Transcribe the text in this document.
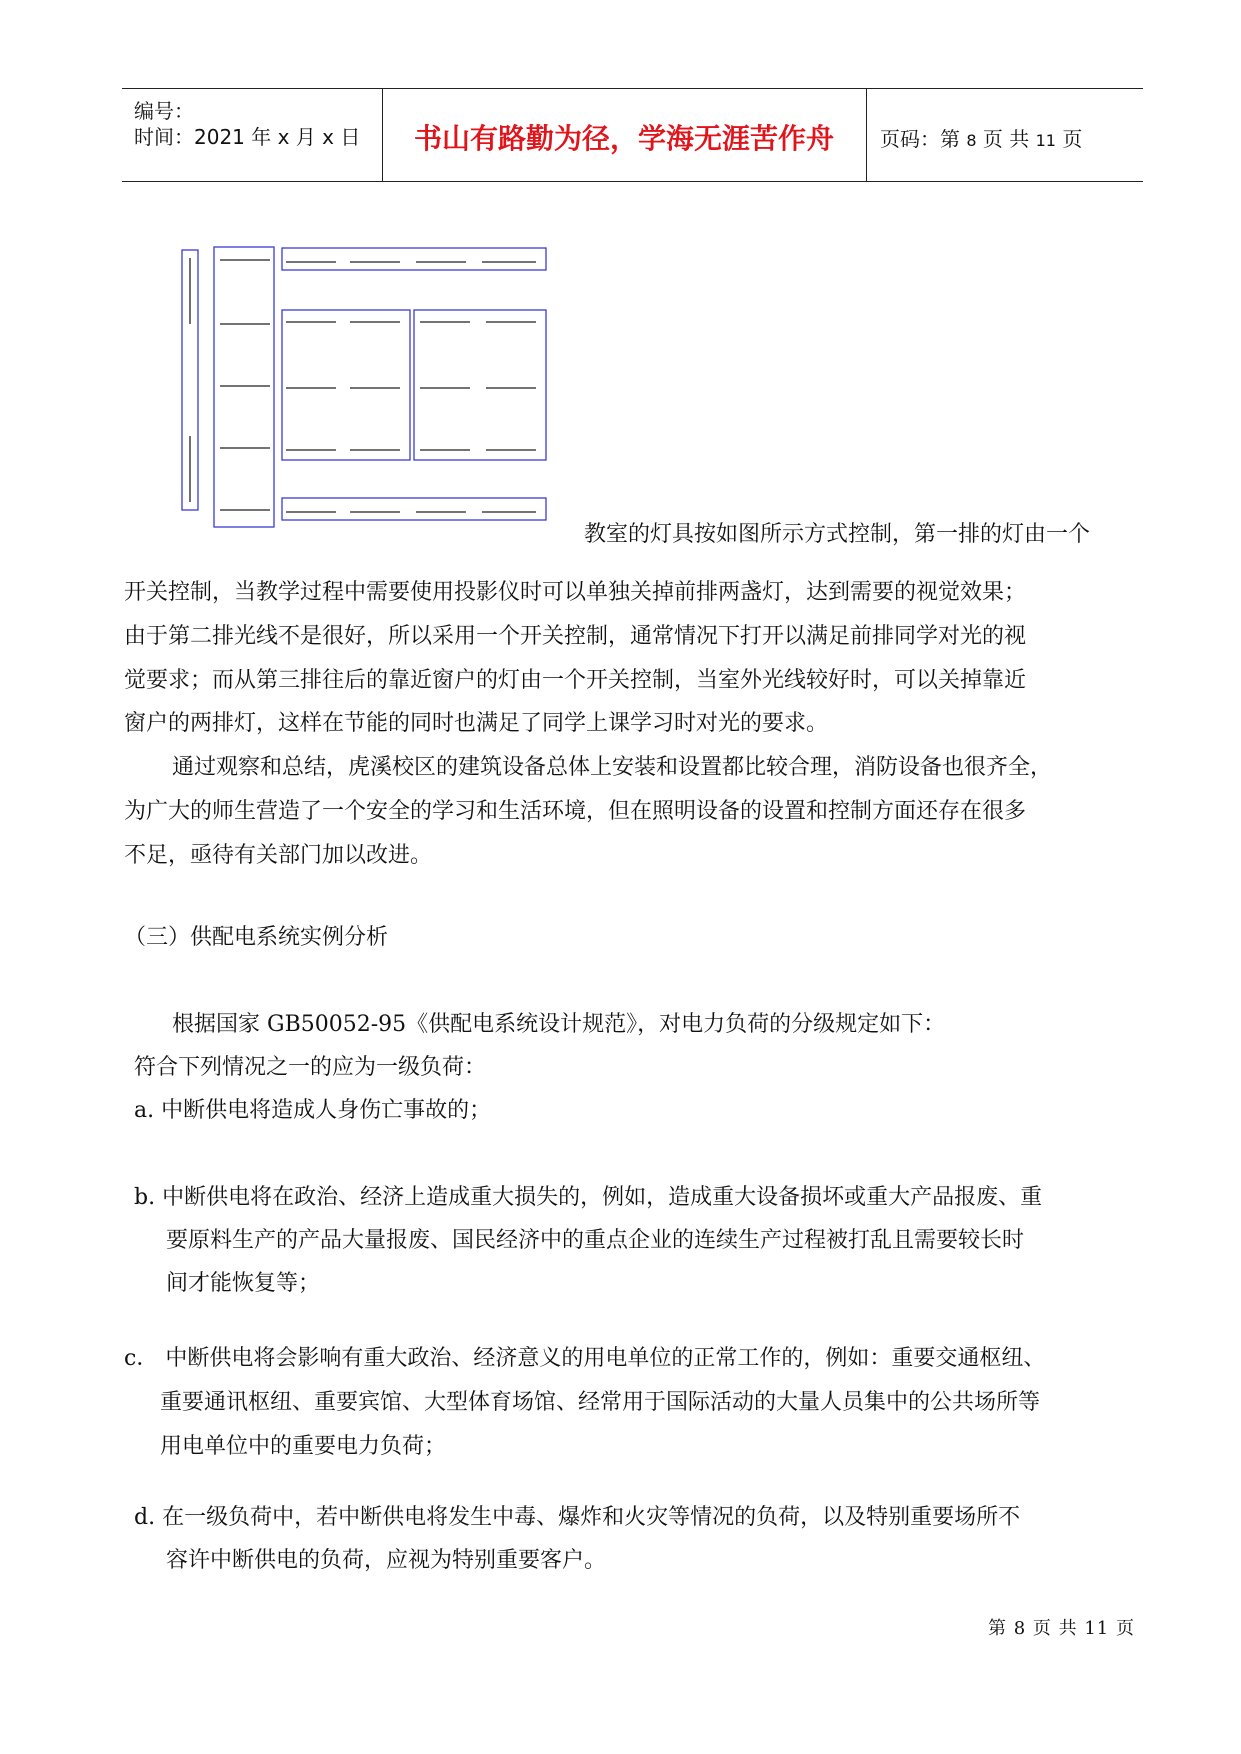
编号：
时间：2021 年 x 月 x 日	书山有路勤为径，学海无涯苦作舟	页码：第 8 页 共 11 页
教室的灯具按如图所示方式控制，第一排的灯由一个
开关控制，当教学过程中需要使用投影仪时可以单独关掉前排两盏灯，达到需要的视觉效果；
由于第二排光线不是很好，所以采用一个开关控制，通常情况下打开以满足前排同学对光的视
觉要求；而从第三排往后的靠近窗户的灯由一个开关控制，当室外光线较好时，可以关掉靠近
窗户的两排灯，这样在节能的同时也满足了同学上课学习时对光的要求。
通过观察和总结，虎溪校区的建筑设备总体上安装和设置都比较合理，消防设备也很齐全，
为广大的师生营造了一个安全的学习和生活环境，但在照明设备的设置和控制方面还存在很多
不足，亟待有关部门加以改进。
（三）供配电系统实例分析
根据国家 GB50052-95《供配电系统设计规范》，对电力负荷的分级规定如下：
符合下列情况之一的应为一级负荷：
a. 中断供电将造成人身伤亡事故的；
b. 中断供电将在政治、经济上造成重大损失的，例如，造成重大设备损坏或重大产品报废、重
要原料生产的产品大量报废、国民经济中的重点企业的连续生产过程被打乱且需要较长时
间才能恢复等；
c． 中断供电将会影响有重大政治、经济意义的用电单位的正常工作的，例如：重要交通枢纽、
重要通讯枢纽、重要宾馆、大型体育场馆、经常用于国际活动的大量人员集中的公共场所等
用电单位中的重要电力负荷；
d. 在一级负荷中，若中断供电将发生中毒、爆炸和火灾等情况的负荷，以及特别重要场所不
容许中断供电的负荷，应视为特别重要客户。
第 8 页 共 11 页
